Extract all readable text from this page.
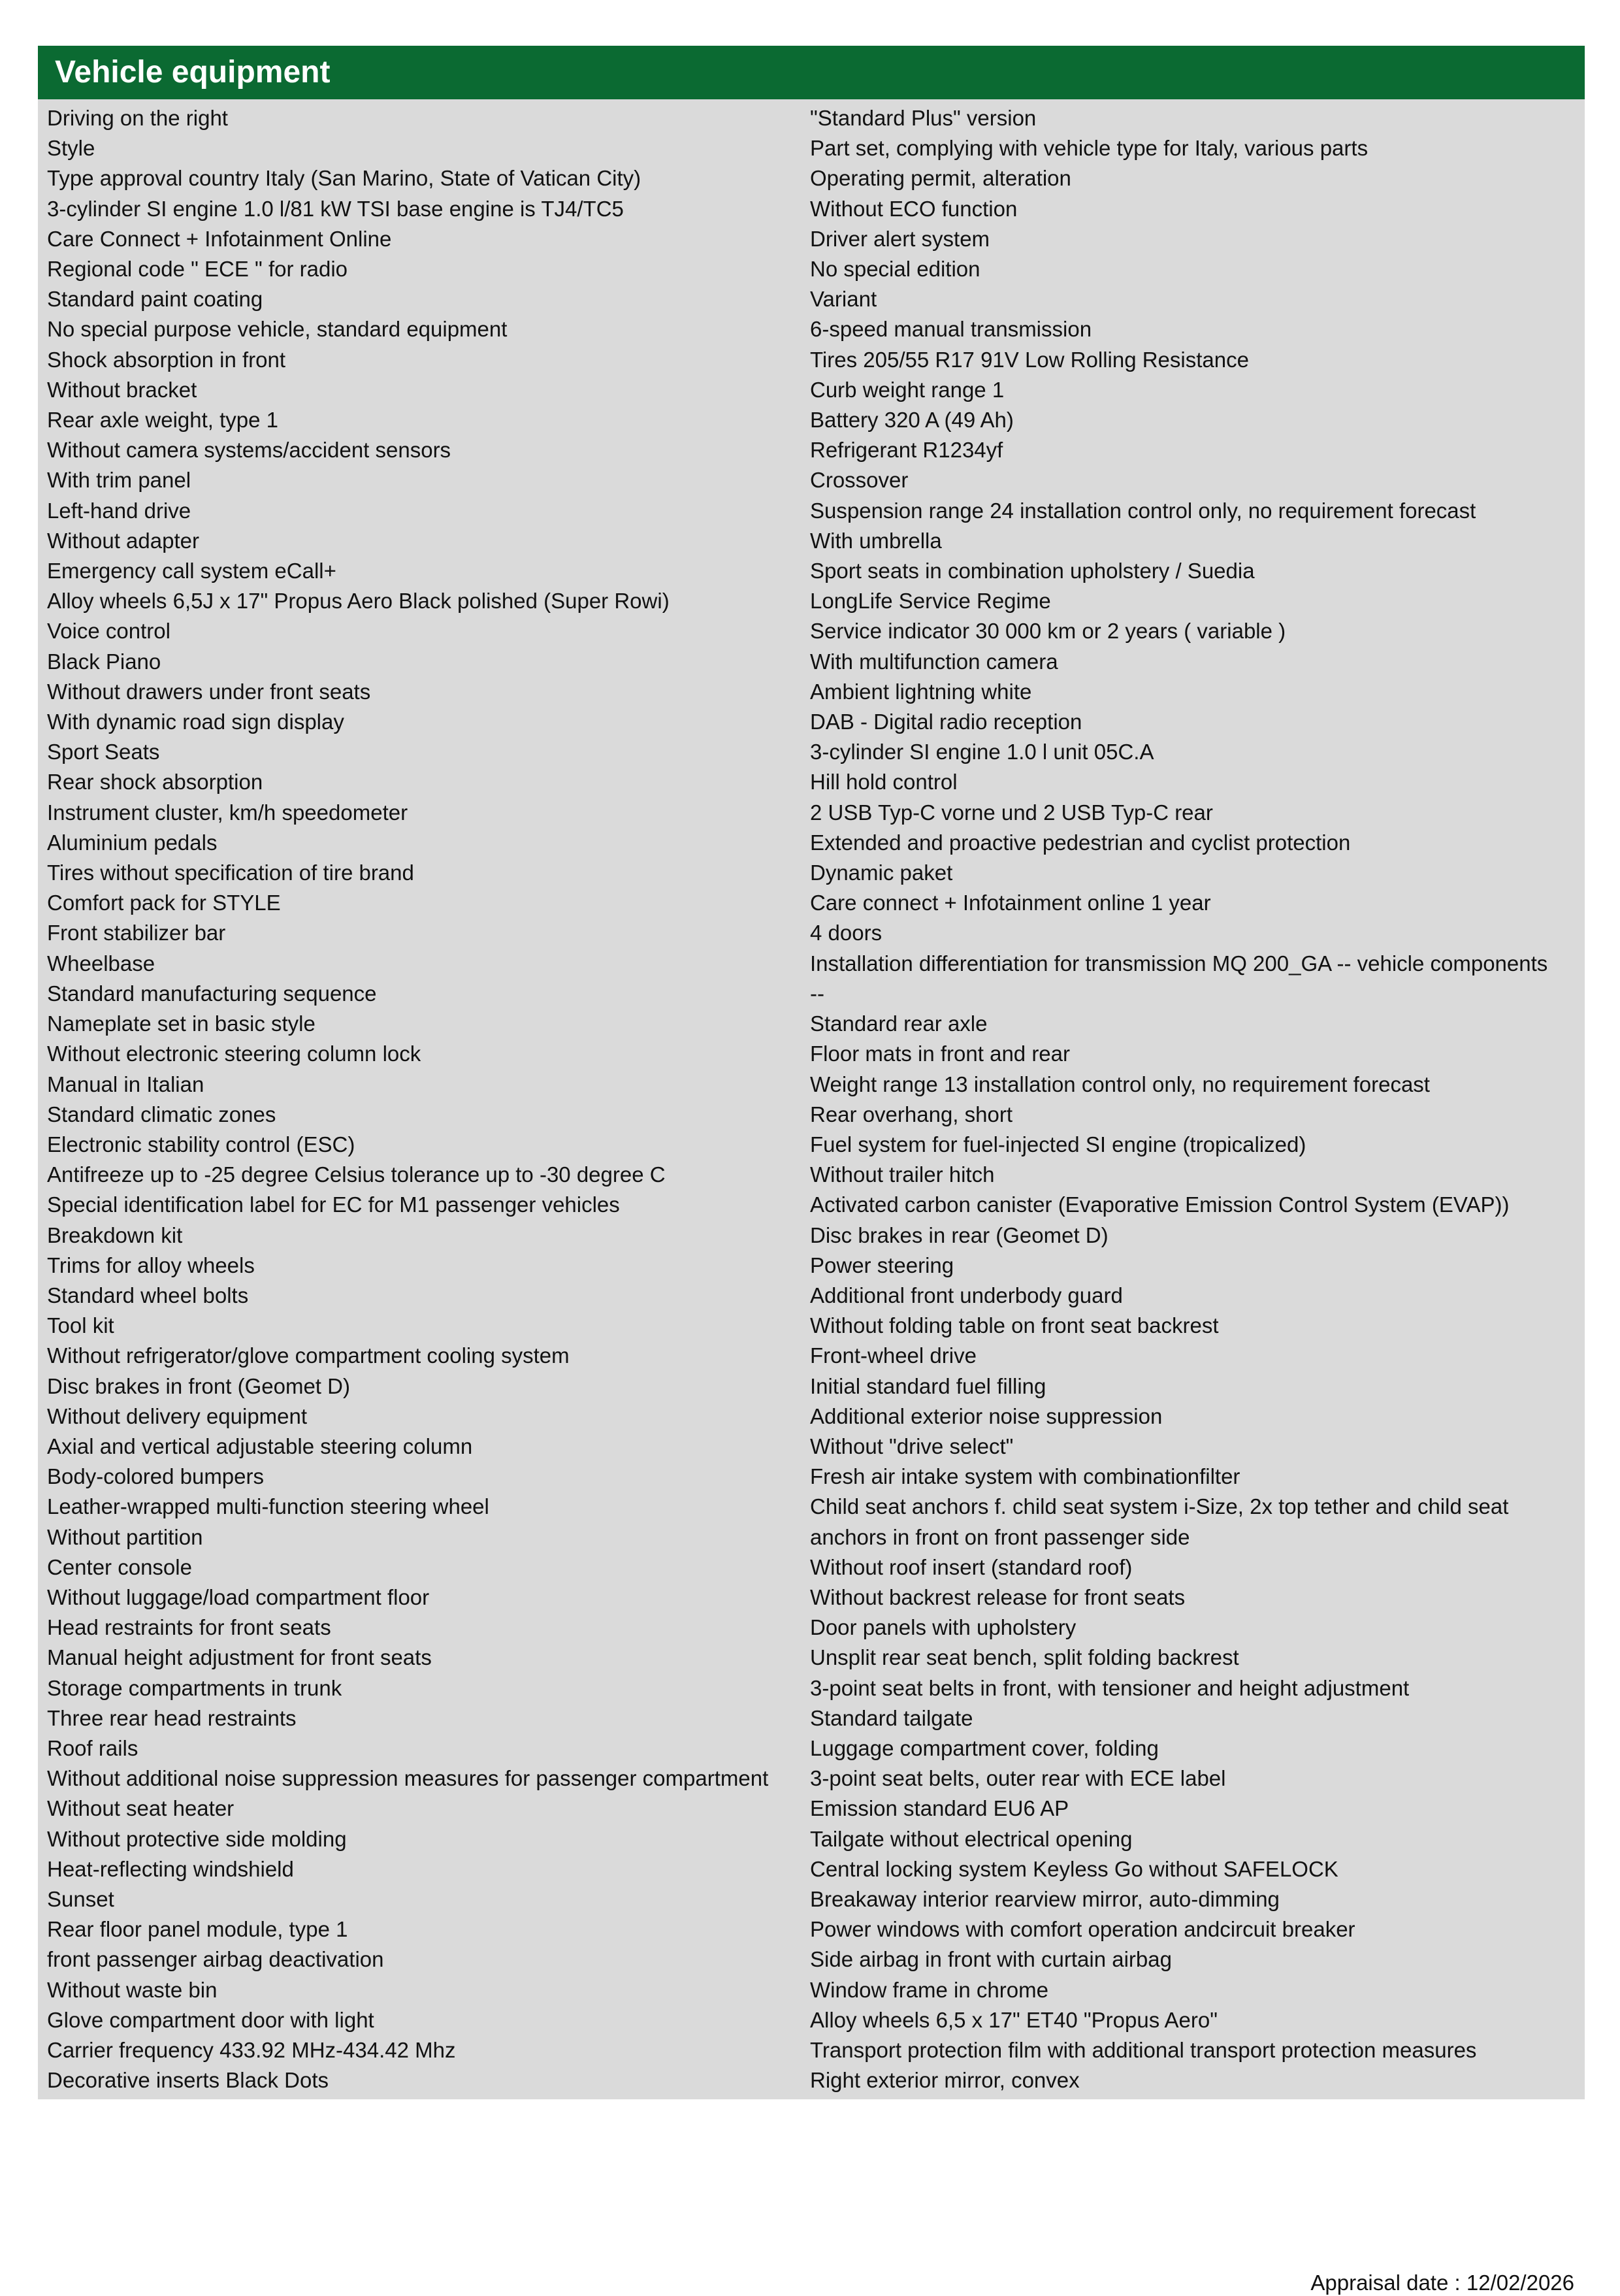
Vehicle equipment
Driving on the right
Style
Type approval country Italy (San Marino, State of Vatican City)
3-cylinder SI engine 1.0 l/81 kW TSI base engine is TJ4/TC5
Care Connect + Infotainment Online
Regional code " ECE " for radio
Standard paint coating
No special purpose vehicle, standard equipment
Shock absorption in front
Without bracket
Rear axle weight, type 1
Without camera systems/accident sensors
With trim panel
Left-hand drive
Without adapter
Emergency call system eCall+
Alloy wheels 6,5J x 17" Propus Aero Black polished (Super Rowi)
Voice control
Black Piano
Without drawers under front seats
With dynamic road sign display
Sport Seats
Rear shock absorption
Instrument cluster, km/h speedometer
Aluminium pedals
Tires without specification of tire brand
Comfort pack for STYLE
Front stabilizer bar
Wheelbase
Standard manufacturing sequence
Nameplate set in basic style
Without electronic steering column lock
Manual in Italian
Standard climatic zones
Electronic stability control (ESC)
Antifreeze up to -25 degree Celsius tolerance up to -30 degree C
Special identification label for EC for M1 passenger vehicles
Breakdown kit
Trims for alloy wheels
Standard wheel bolts
Tool kit
Without refrigerator/glove compartment cooling system
Disc brakes in front (Geomet D)
Without delivery equipment
Axial and vertical adjustable steering column
Body-colored bumpers
Leather-wrapped multi-function steering wheel
Without partition
Center console
Without luggage/load compartment floor
Head restraints for front seats
Manual height adjustment for front seats
Storage compartments in trunk
Three rear head restraints
Roof rails
Without additional noise suppression measures for passenger compartment
Without seat heater
Without protective side molding
Heat-reflecting windshield
Sunset
Rear floor panel module, type 1
front passenger airbag deactivation
Without waste bin
Glove compartment door with light
Carrier frequency 433.92 MHz-434.42 Mhz
Decorative inserts Black Dots
"Standard Plus" version
Part set, complying with vehicle type for Italy, various parts
Operating permit, alteration
Without ECO function
Driver alert system
No special edition
Variant
6-speed manual transmission
Tires 205/55 R17 91V Low Rolling Resistance
Curb weight range 1
Battery 320 A (49 Ah)
Refrigerant R1234yf
Crossover
Suspension range 24 installation control only, no requirement forecast
With umbrella
Sport seats in combination upholstery / Suedia
LongLife Service Regime
Service indicator 30 000 km or 2 years ( variable )
With multifunction camera
Ambient lightning white
DAB - Digital radio reception
3-cylinder SI engine 1.0 l unit 05C.A
Hill hold control
2 USB Typ-C vorne und 2 USB Typ-C rear
Extended and proactive pedestrian and cyclist protection
Dynamic paket
Care connect + Infotainment online 1 year
4 doors
Installation differentiation for transmission MQ 200_GA -- vehicle components
--
Standard rear axle
Floor mats in front and rear
Weight range 13 installation control only, no requirement forecast
Rear overhang, short
Fuel system for fuel-injected SI engine (tropicalized)
Without trailer hitch
Activated carbon canister (Evaporative Emission Control System (EVAP))
Disc brakes in rear (Geomet D)
Power steering
Additional front underbody guard
Without folding table on front seat backrest
Front-wheel drive
Initial standard fuel filling
Additional exterior noise suppression
Without "drive select"
Fresh air intake system with combinationfilter
Child seat anchors f. child seat system i-Size, 2x top tether and child seat anchors in front on front passenger side
Without roof insert (standard roof)
Without backrest release for front seats
Door panels with upholstery
Unsplit rear seat bench, split folding backrest
3-point seat belts in front, with tensioner and height adjustment
Standard tailgate
Luggage compartment cover, folding
3-point seat belts, outer rear with ECE label
Emission standard EU6 AP
Tailgate without electrical opening
Central locking system Keyless Go without SAFELOCK
Breakaway interior rearview mirror, auto-dimming
Power windows with comfort operation andcircuit breaker
Side airbag in front with curtain airbag
Window frame in chrome
Alloy wheels 6,5 x 17" ET40 "Propus Aero"
Transport protection film with additional transport protection measures
Right exterior mirror, convex
Appraisal date : 12/02/2026
